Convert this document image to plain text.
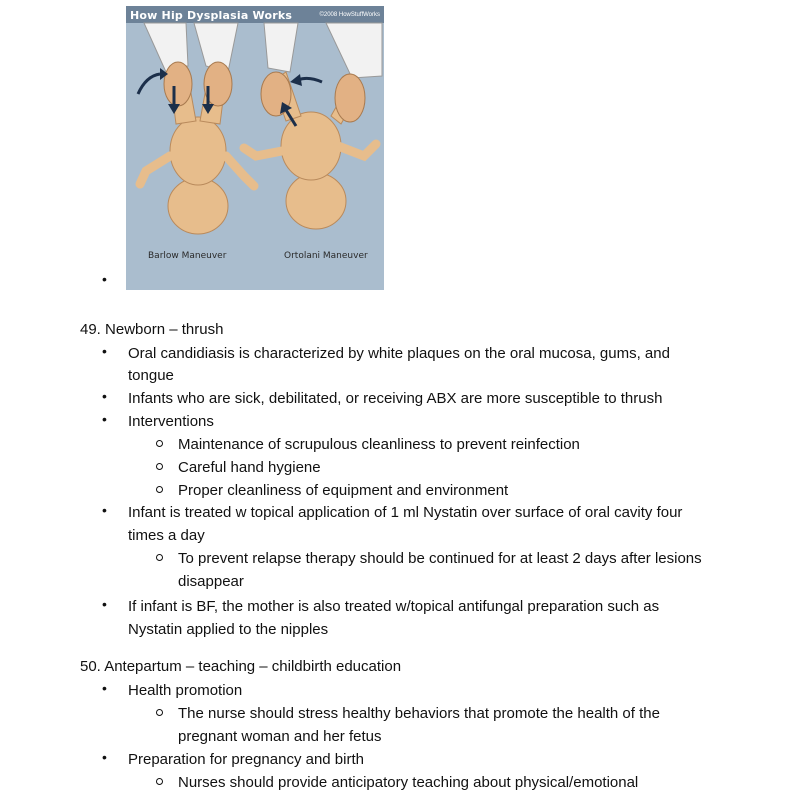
How Hip Dysplasia Works	©2008 HowStuffWorks
Barlow Maneuver	Ortolani Maneuver
•
49. Newborn – thrush
• Oral candidiasis is characterized by white plaques on the oral mucosa, gums, and
tongue
• Infants who are sick, debilitated, or receiving ABX are more susceptible to thrush
• Interventions
Maintenance of scrupulous cleanliness to prevent reinfection
Careful hand hygiene
Proper cleanliness of equipment and environment
• Infant is treated w topical application of 1 ml Nystatin over surface of oral cavity four
times a day
To prevent relapse therapy should be continued for at least 2 days after lesions
disappear
• If infant is BF, the mother is also treated w/topical antifungal preparation such as
Nystatin applied to the nipples
50. Antepartum – teaching – childbirth education
• Health promotion
The nurse should stress healthy behaviors that promote the health of the
pregnant woman and her fetus
• Preparation for pregnancy and birth
Nurses should provide anticipatory teaching about physical/emotional
